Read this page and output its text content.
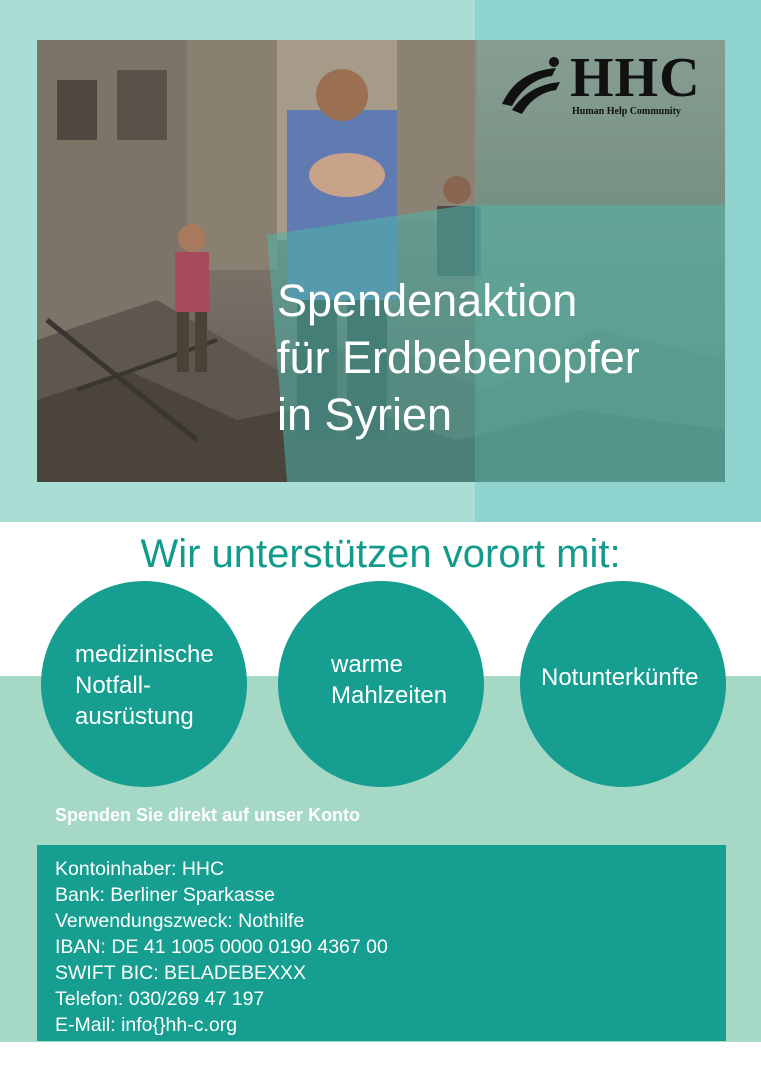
HHC
Human Help Community
Spendenaktion
für Erdbebenopfer
in Syrien
Wir unterstützen vorort mit:
medizinische
Notfall-
ausrüstung
warme
Mahlzeiten
Notunterkünfte
Spenden Sie direkt auf unser Konto
Kontoinhaber: HHC
Bank: Berliner Sparkasse
Verwendungszweck: Nothilfe
IBAN: DE 41 1005 0000 0190 4367 00
SWIFT BIC: BELADEBEXXX
Telefon: 030/269 47 197
E-Mail: info{}hh-c.org
